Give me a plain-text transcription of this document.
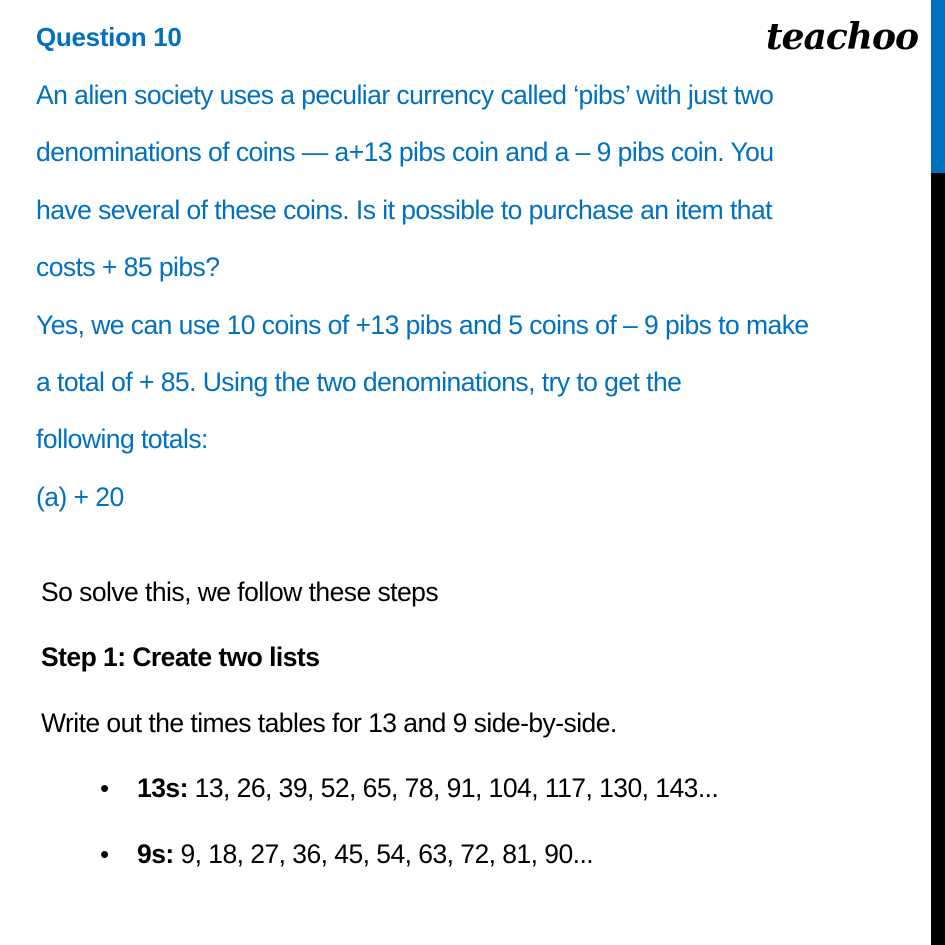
Question 10	teachoo
An alien society uses a peculiar currency called ‘pibs’ with just two
denominations of coins — a+13 pibs coin and a – 9 pibs coin. You
have several of these coins. Is it possible to purchase an item that
costs + 85 pibs?
Yes, we can use 10 coins of +13 pibs and 5 coins of – 9 pibs to make
a total of + 85. Using the two denominations, try to get the
following totals:
(a) + 20
So solve this, we follow these steps
Step 1: Create two lists
Write out the times tables for 13 and 9 side-by-side.
• 13s: 13, 26, 39, 52, 65, 78, 91, 104, 117, 130, 143...
• 9s: 9, 18, 27, 36, 45, 54, 63, 72, 81, 90...
